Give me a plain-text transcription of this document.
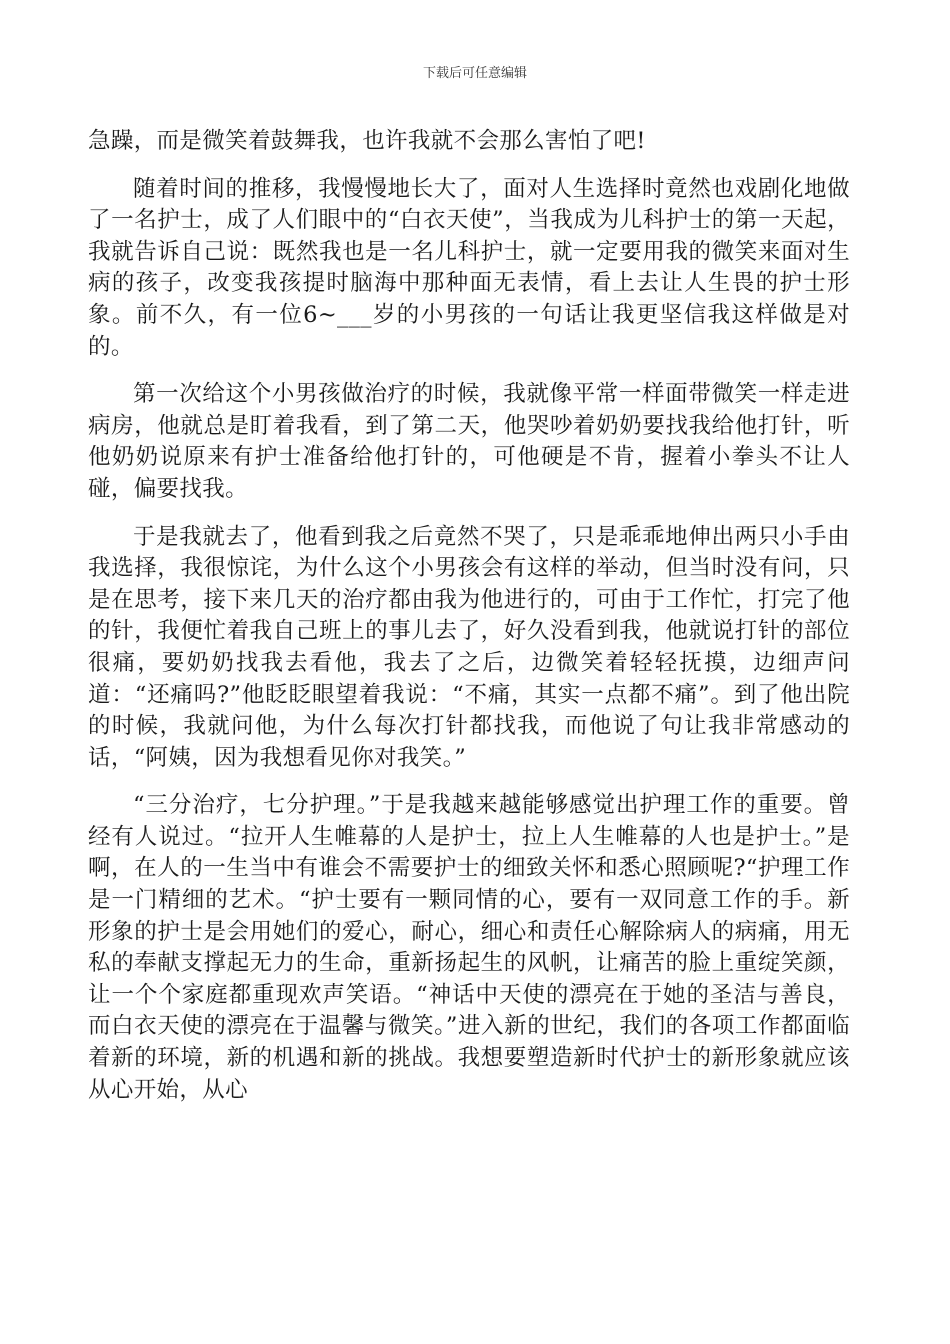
下载后可任意编辑

急躁，而是微笑着鼓舞我，也许我就不会那么害怕了吧!

随着时间的推移，我慢慢地长大了，面对人生选择时竟然也戏剧化地做了一名护士，成了人们眼中的“白衣天使”，当我成为儿科护士的第一天起，我就告诉自己说：既然我也是一名儿科护士，就一定要用我的微笑来面对生病的孩子，改变我孩提时脑海中那种面无表情，看上去让人生畏的护士形象。前不久，有一位6~___岁的小男孩的一句话让我更坚信我这样做是对的。

第一次给这个小男孩做治疗的时候，我就像平常一样面带微笑一样走进病房，他就总是盯着我看，到了第二天，他哭吵着奶奶要找我给他打针，听他奶奶说原来有护士准备给他打针的，可他硬是不肯，握着小拳头不让人碰，偏要找我。

于是我就去了，他看到我之后竟然不哭了，只是乖乖地伸出两只小手由我选择，我很惊诧，为什么这个小男孩会有这样的举动，但当时没有问，只是在思考，接下来几天的治疗都由我为他进行的，可由于工作忙，打完了他的针，我便忙着我自己班上的事儿去了，好久没看到我，他就说打针的部位很痛，要奶奶找我去看他，我去了之后，边微笑着轻轻抚摸，边细声问道：“还痛吗?”他眨眨眼望着我说：“不痛，其实一点都不痛”。到了他出院的时候，我就问他，为什么每次打针都找我，而他说了句让我非常感动的话，“阿姨，因为我想看见你对我笑。”

“三分治疗，七分护理。”于是我越来越能够感觉出护理工作的重要。曾经有人说过。“拉开人生帷幕的人是护士，拉上人生帷幕的人也是护士。”是啊，在人的一生当中有谁会不需要护士的细致关怀和悉心照顾呢?“护理工作是一门精细的艺术。“护士要有一颗同情的心，要有一双同意工作的手。新形象的护士是会用她们的爱心，耐心，细心和责任心解除病人的病痛，用无私的奉献支撑起无力的生命，重新扬起生的风帆，让痛苦的脸上重绽笑颜，让一个个家庭都重现欢声笑语。“神话中天使的漂亮在于她的圣洁与善良，而白衣天使的漂亮在于温馨与微笑。”进入新的世纪，我们的各项工作都面临着新的环境，新的机遇和新的挑战。我想要塑造新时代护士的新形象就应该从心开始，从心
